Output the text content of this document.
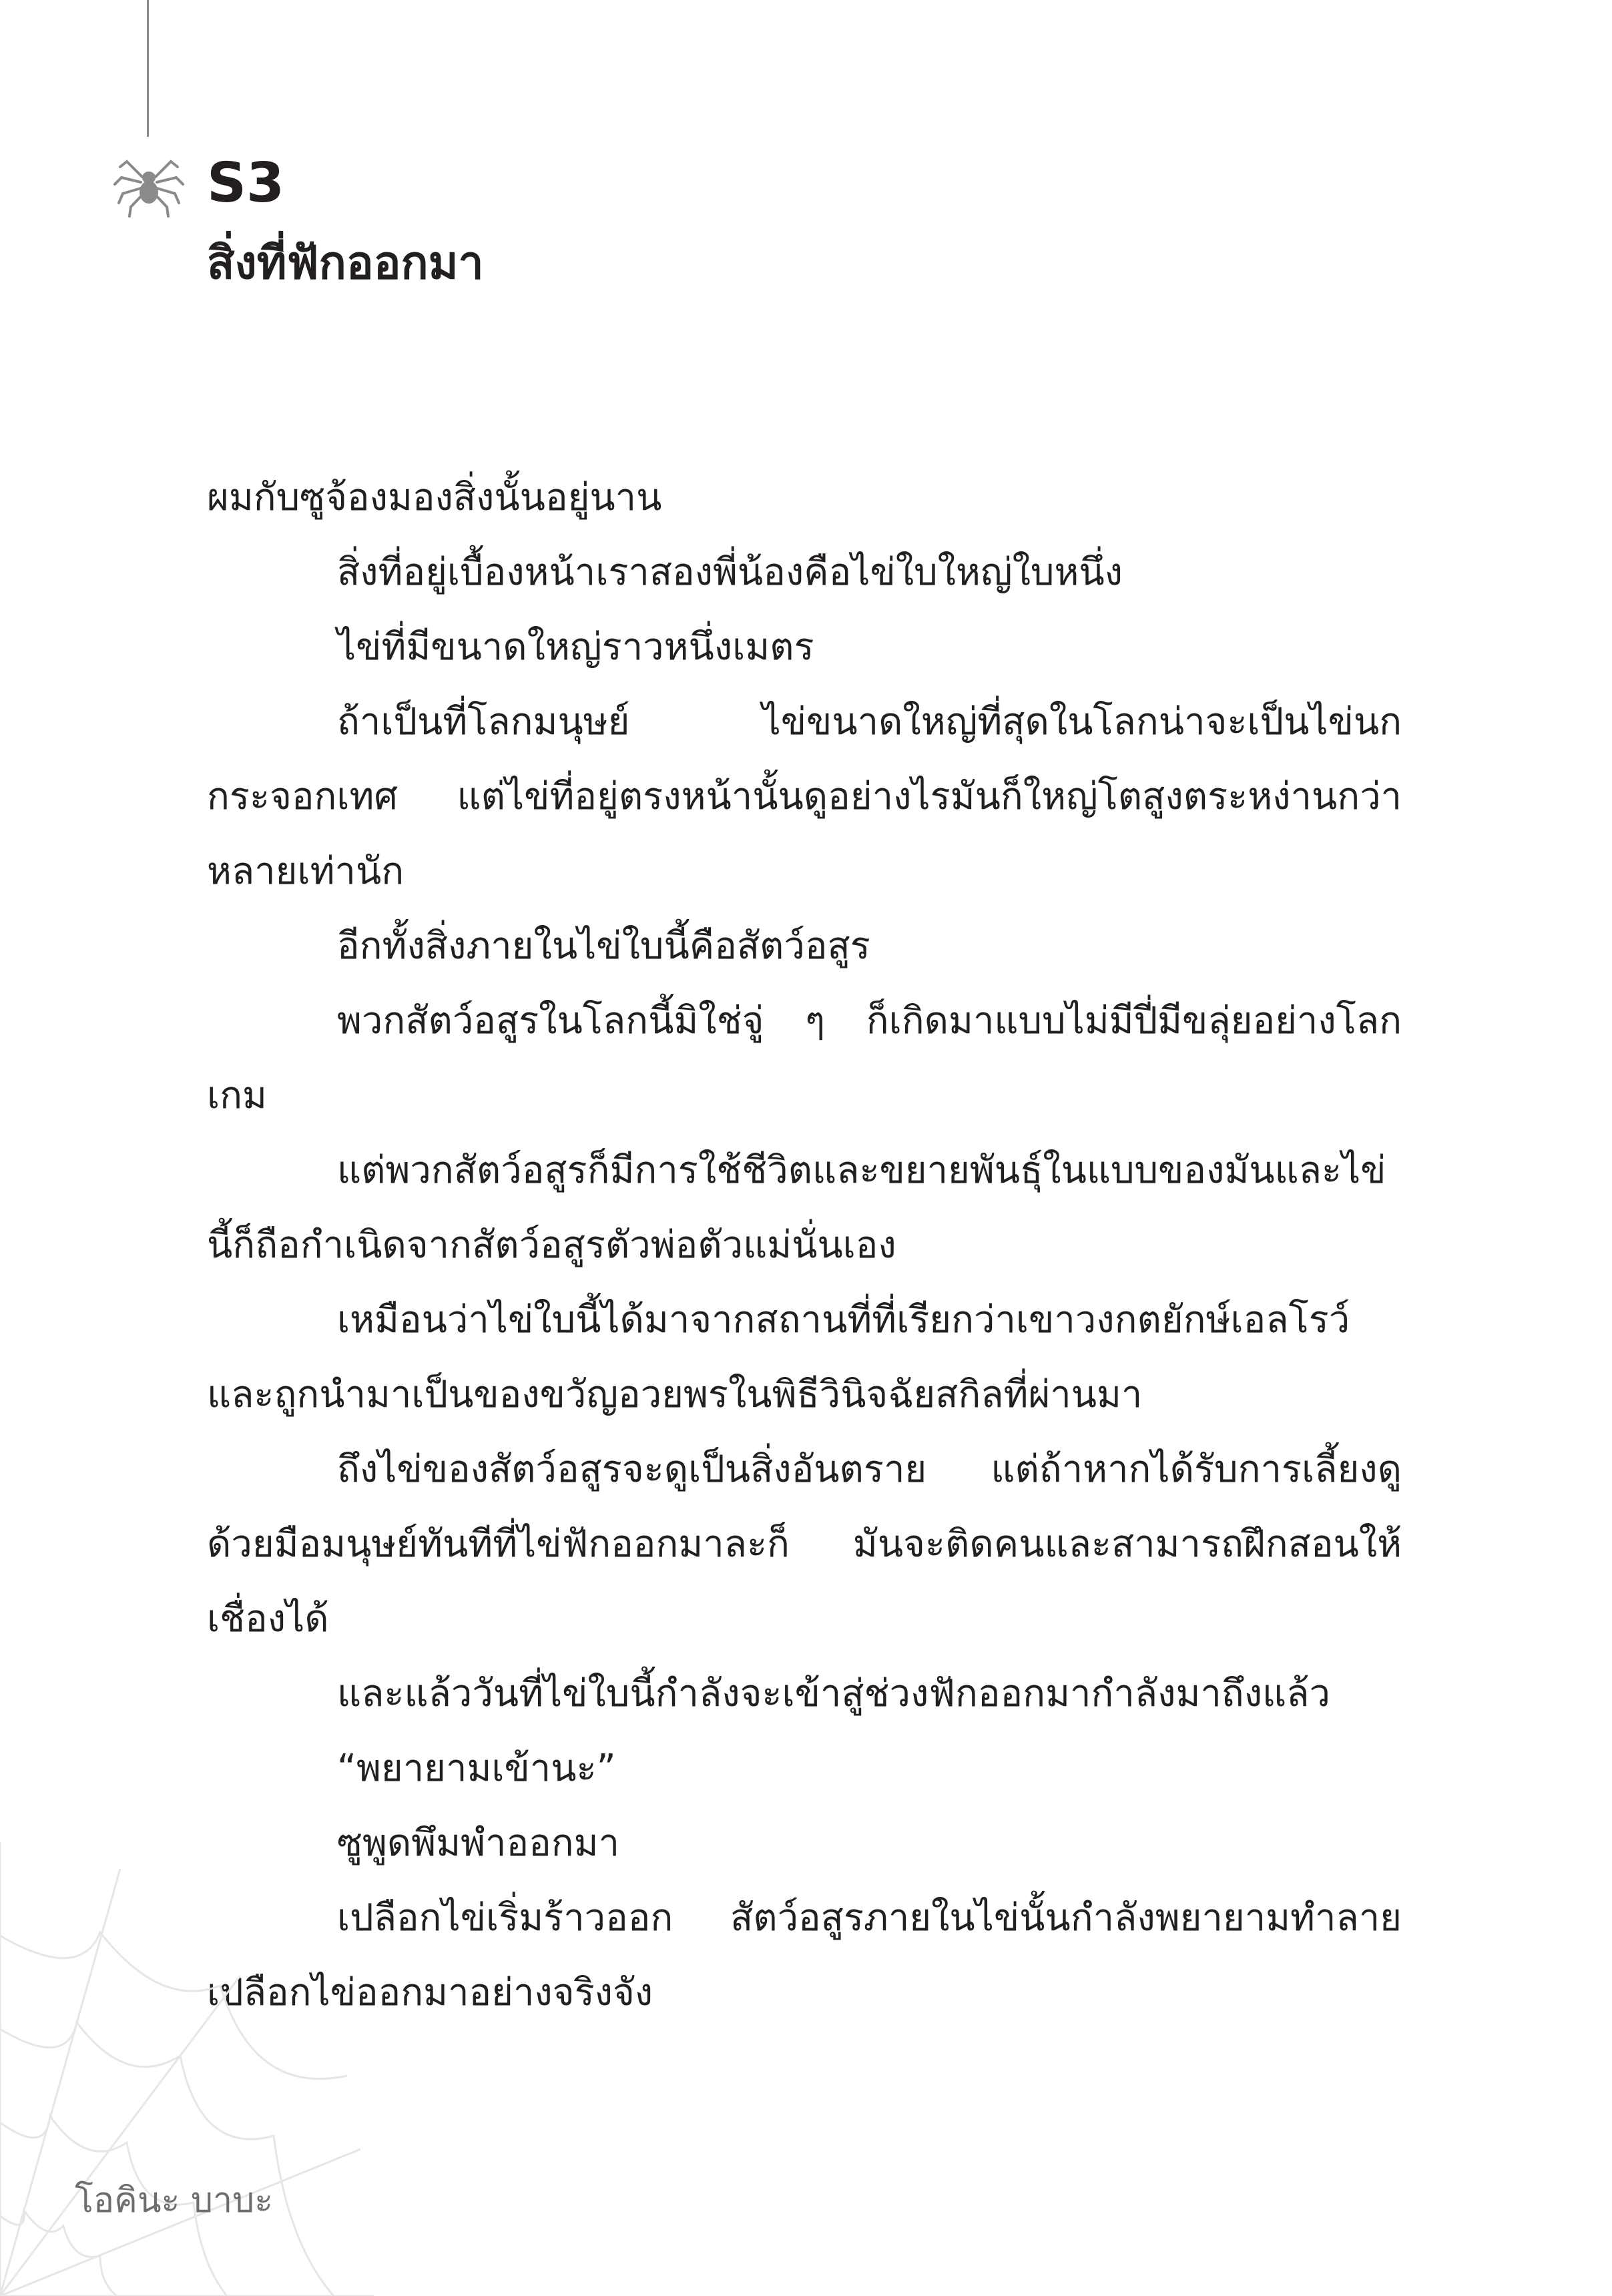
S3
สิ่งที่ฟักออกมา

ผมกับซูจ้องมองสิ่งนั้นอยู่นาน

สิ่งที่อยู่เบื้องหน้าเราสองพี่น้องคือไข่ใบใหญ่ใบหนึ่ง

ไข่ที่มีขนาดใหญ่ราวหนึ่งเมตร

ถ้าเป็นที่โลกมนุษย์ ไข่ขนาดใหญ่ที่สุดในโลกน่าจะเป็นไข่นกกระจอกเทศ แต่ไข่ที่อยู่ตรงหน้านั้นดูอย่างไรมันก็ใหญ่โตสูงตระหง่านกว่าหลายเท่านัก

อีกทั้งสิ่งภายในไข่ใบนี้คือสัตว์อสูร

พวกสัตว์อสูรในโลกนี้มิใช่จู่ ๆ ก็เกิดมาแบบไม่มีปี่มีขลุ่ยอย่างโลกเกม

แต่พวกสัตว์อสูรก็มีการใช้ชีวิตและขยายพันธุ์ในแบบของมันและไข่นี้ก็ถือกำเนิดจากสัตว์อสูรตัวพ่อตัวแม่นั่นเอง

เหมือนว่าไข่ใบนี้ได้มาจากสถานที่ที่เรียกว่าเขาวงกตยักษ์เอลโรว์และถูกนำมาเป็นของขวัญอวยพรในพิธีวินิจฉัยสกิลที่ผ่านมา

ถึงไข่ของสัตว์อสูรจะดูเป็นสิ่งอันตราย แต่ถ้าหากได้รับการเลี้ยงดูด้วยมือมนุษย์ทันทีที่ไข่ฟักออกมาละก็ มันจะติดคนและสามารถฝึกสอนให้เชื่องได้

และแล้ววันที่ไข่ใบนี้กำลังจะเข้าสู่ช่วงฟักออกมากำลังมาถึงแล้ว

“พยายามเข้านะ”

ซูพูดพึมพำออกมา

เปลือกไข่เริ่มร้าวออก สัตว์อสูรภายในไข่นั้นกำลังพยายามทำลายเปลือกไข่ออกมาอย่างจริงจัง

โอคินะ บาบะ
